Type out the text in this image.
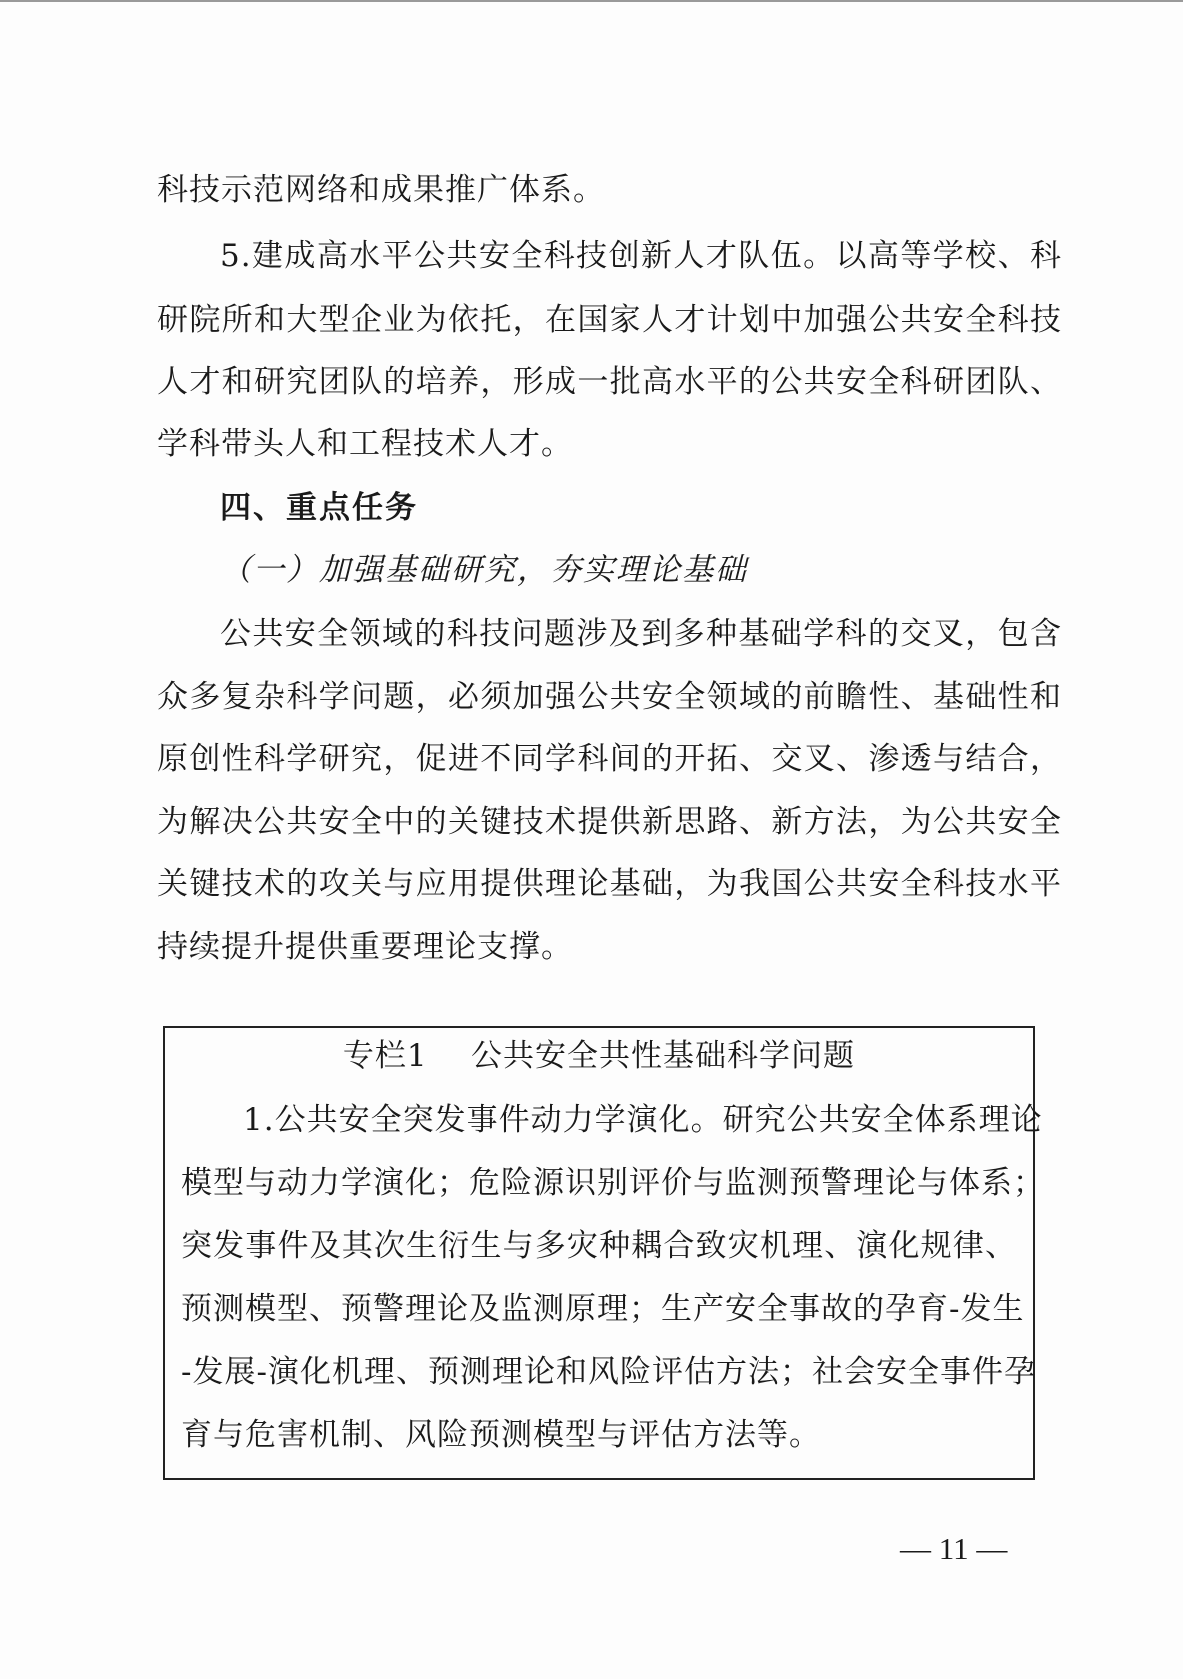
科技示范网络和成果推广体系。
5.建成高水平公共安全科技创新人才队伍。以高等学校、科
研院所和大型企业为依托，在国家人才计划中加强公共安全科技
人才和研究团队的培养，形成一批高水平的公共安全科研团队、
学科带头人和工程技术人才。
四、重点任务
（一）加强基础研究，夯实理论基础
公共安全领域的科技问题涉及到多种基础学科的交叉，包含
众多复杂科学问题，必须加强公共安全领域的前瞻性、基础性和
原创性科学研究，促进不同学科间的开拓、交叉、渗透与结合，
为解决公共安全中的关键技术提供新思路、新方法，为公共安全
关键技术的攻关与应用提供理论基础，为我国公共安全科技水平
持续提升提供重要理论支撑。
专栏1    公共安全共性基础科学问题
1.公共安全突发事件动力学演化。研究公共安全体系理论
模型与动力学演化；危险源识别评价与监测预警理论与体系；
突发事件及其次生衍生与多灾种耦合致灾机理、演化规律、
预测模型、预警理论及监测原理；生产安全事故的孕育-发生
-发展-演化机理、预测理论和风险评估方法；社会安全事件孕
育与危害机制、风险预测模型与评估方法等。
— 11 —
